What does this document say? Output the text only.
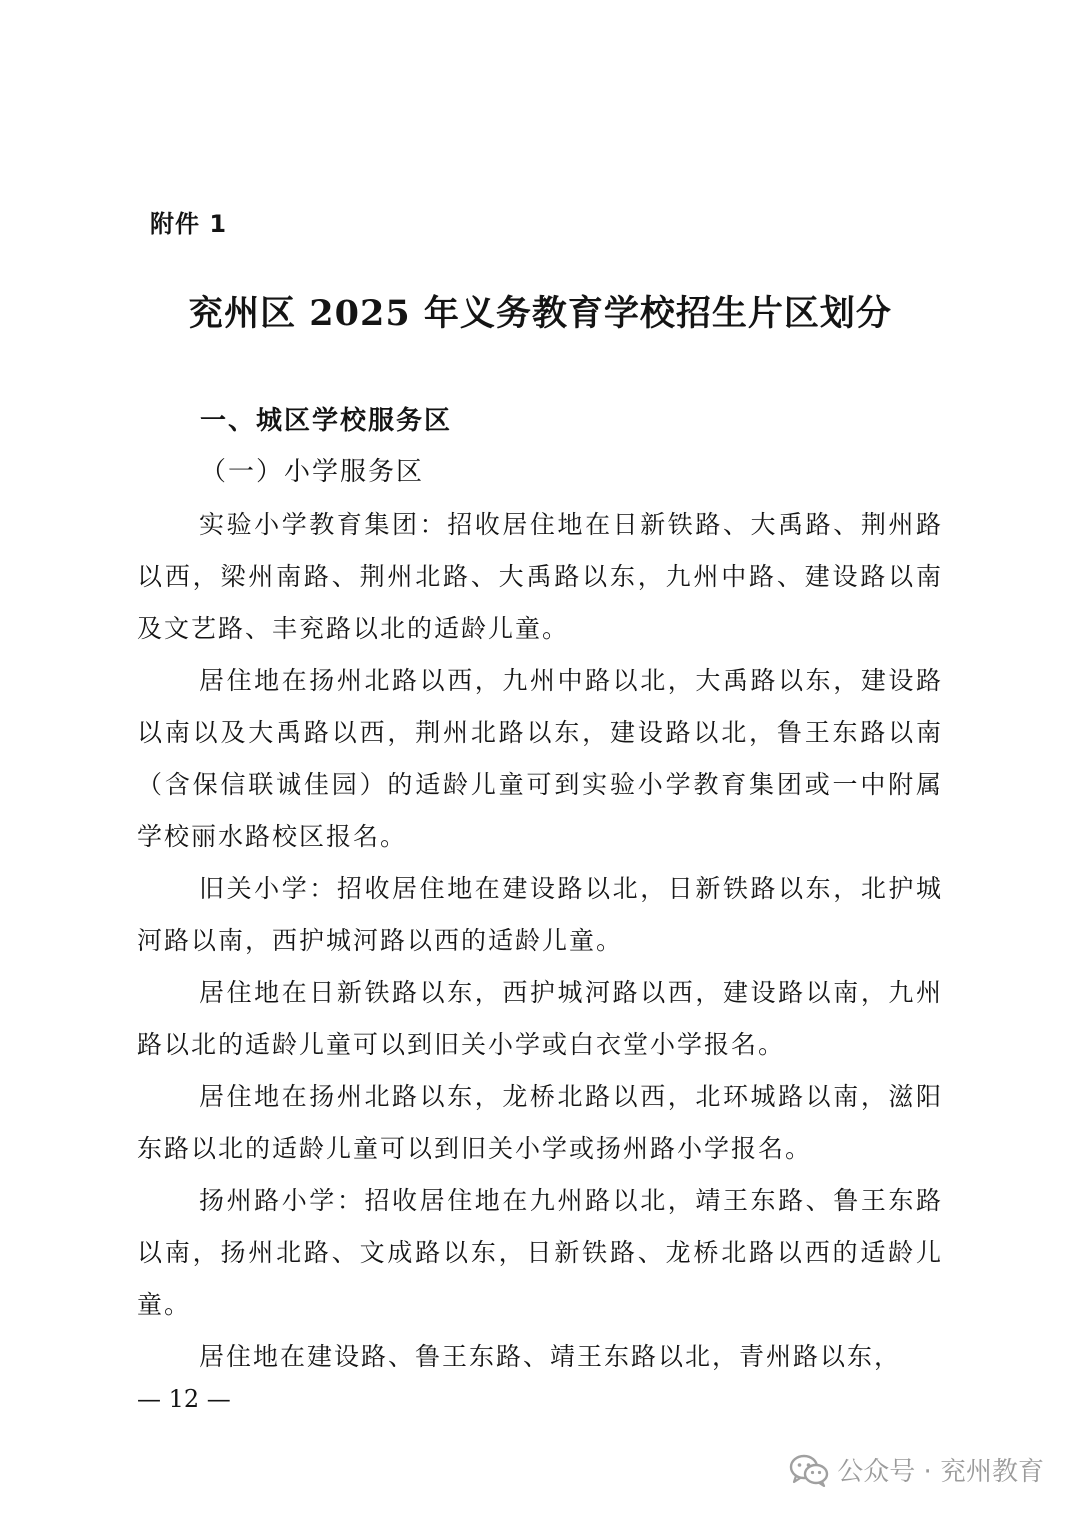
附件 1
兖州区 2025 年义务教育学校招生片区划分
一、城区学校服务区
（一）小学服务区

实验小学教育集团：招收居住地在日新铁路、大禹路、荆州路以西，梁州南路、荆州北路、大禹路以东，九州中路、建设路以南及文艺路、丰兖路以北的适龄儿童。

居住地在扬州北路以西，九州中路以北，大禹路以东，建设路以南以及大禹路以西，荆州北路以东，建设路以北，鲁王东路以南（含保信联诚佳园）的适龄儿童可到实验小学教育集团或一中附属学校丽水路校区报名。

旧关小学：招收居住地在建设路以北，日新铁路以东，北护城河路以南，西护城河路以西的适龄儿童。

居住地在日新铁路以东，西护城河路以西，建设路以南，九州路以北的适龄儿童可以到旧关小学或白衣堂小学报名。

居住地在扬州北路以东，龙桥北路以西，北环城路以南，滋阳东路以北的适龄儿童可以到旧关小学或扬州路小学报名。

扬州路小学：招收居住地在九州路以北，靖王东路、鲁王东路以南，扬州北路、文成路以东，日新铁路、龙桥北路以西的适龄儿童。

居住地在建设路、鲁王东路、靖王东路以北，青州路以东，

— 12 —
公众号 · 兖州教育
